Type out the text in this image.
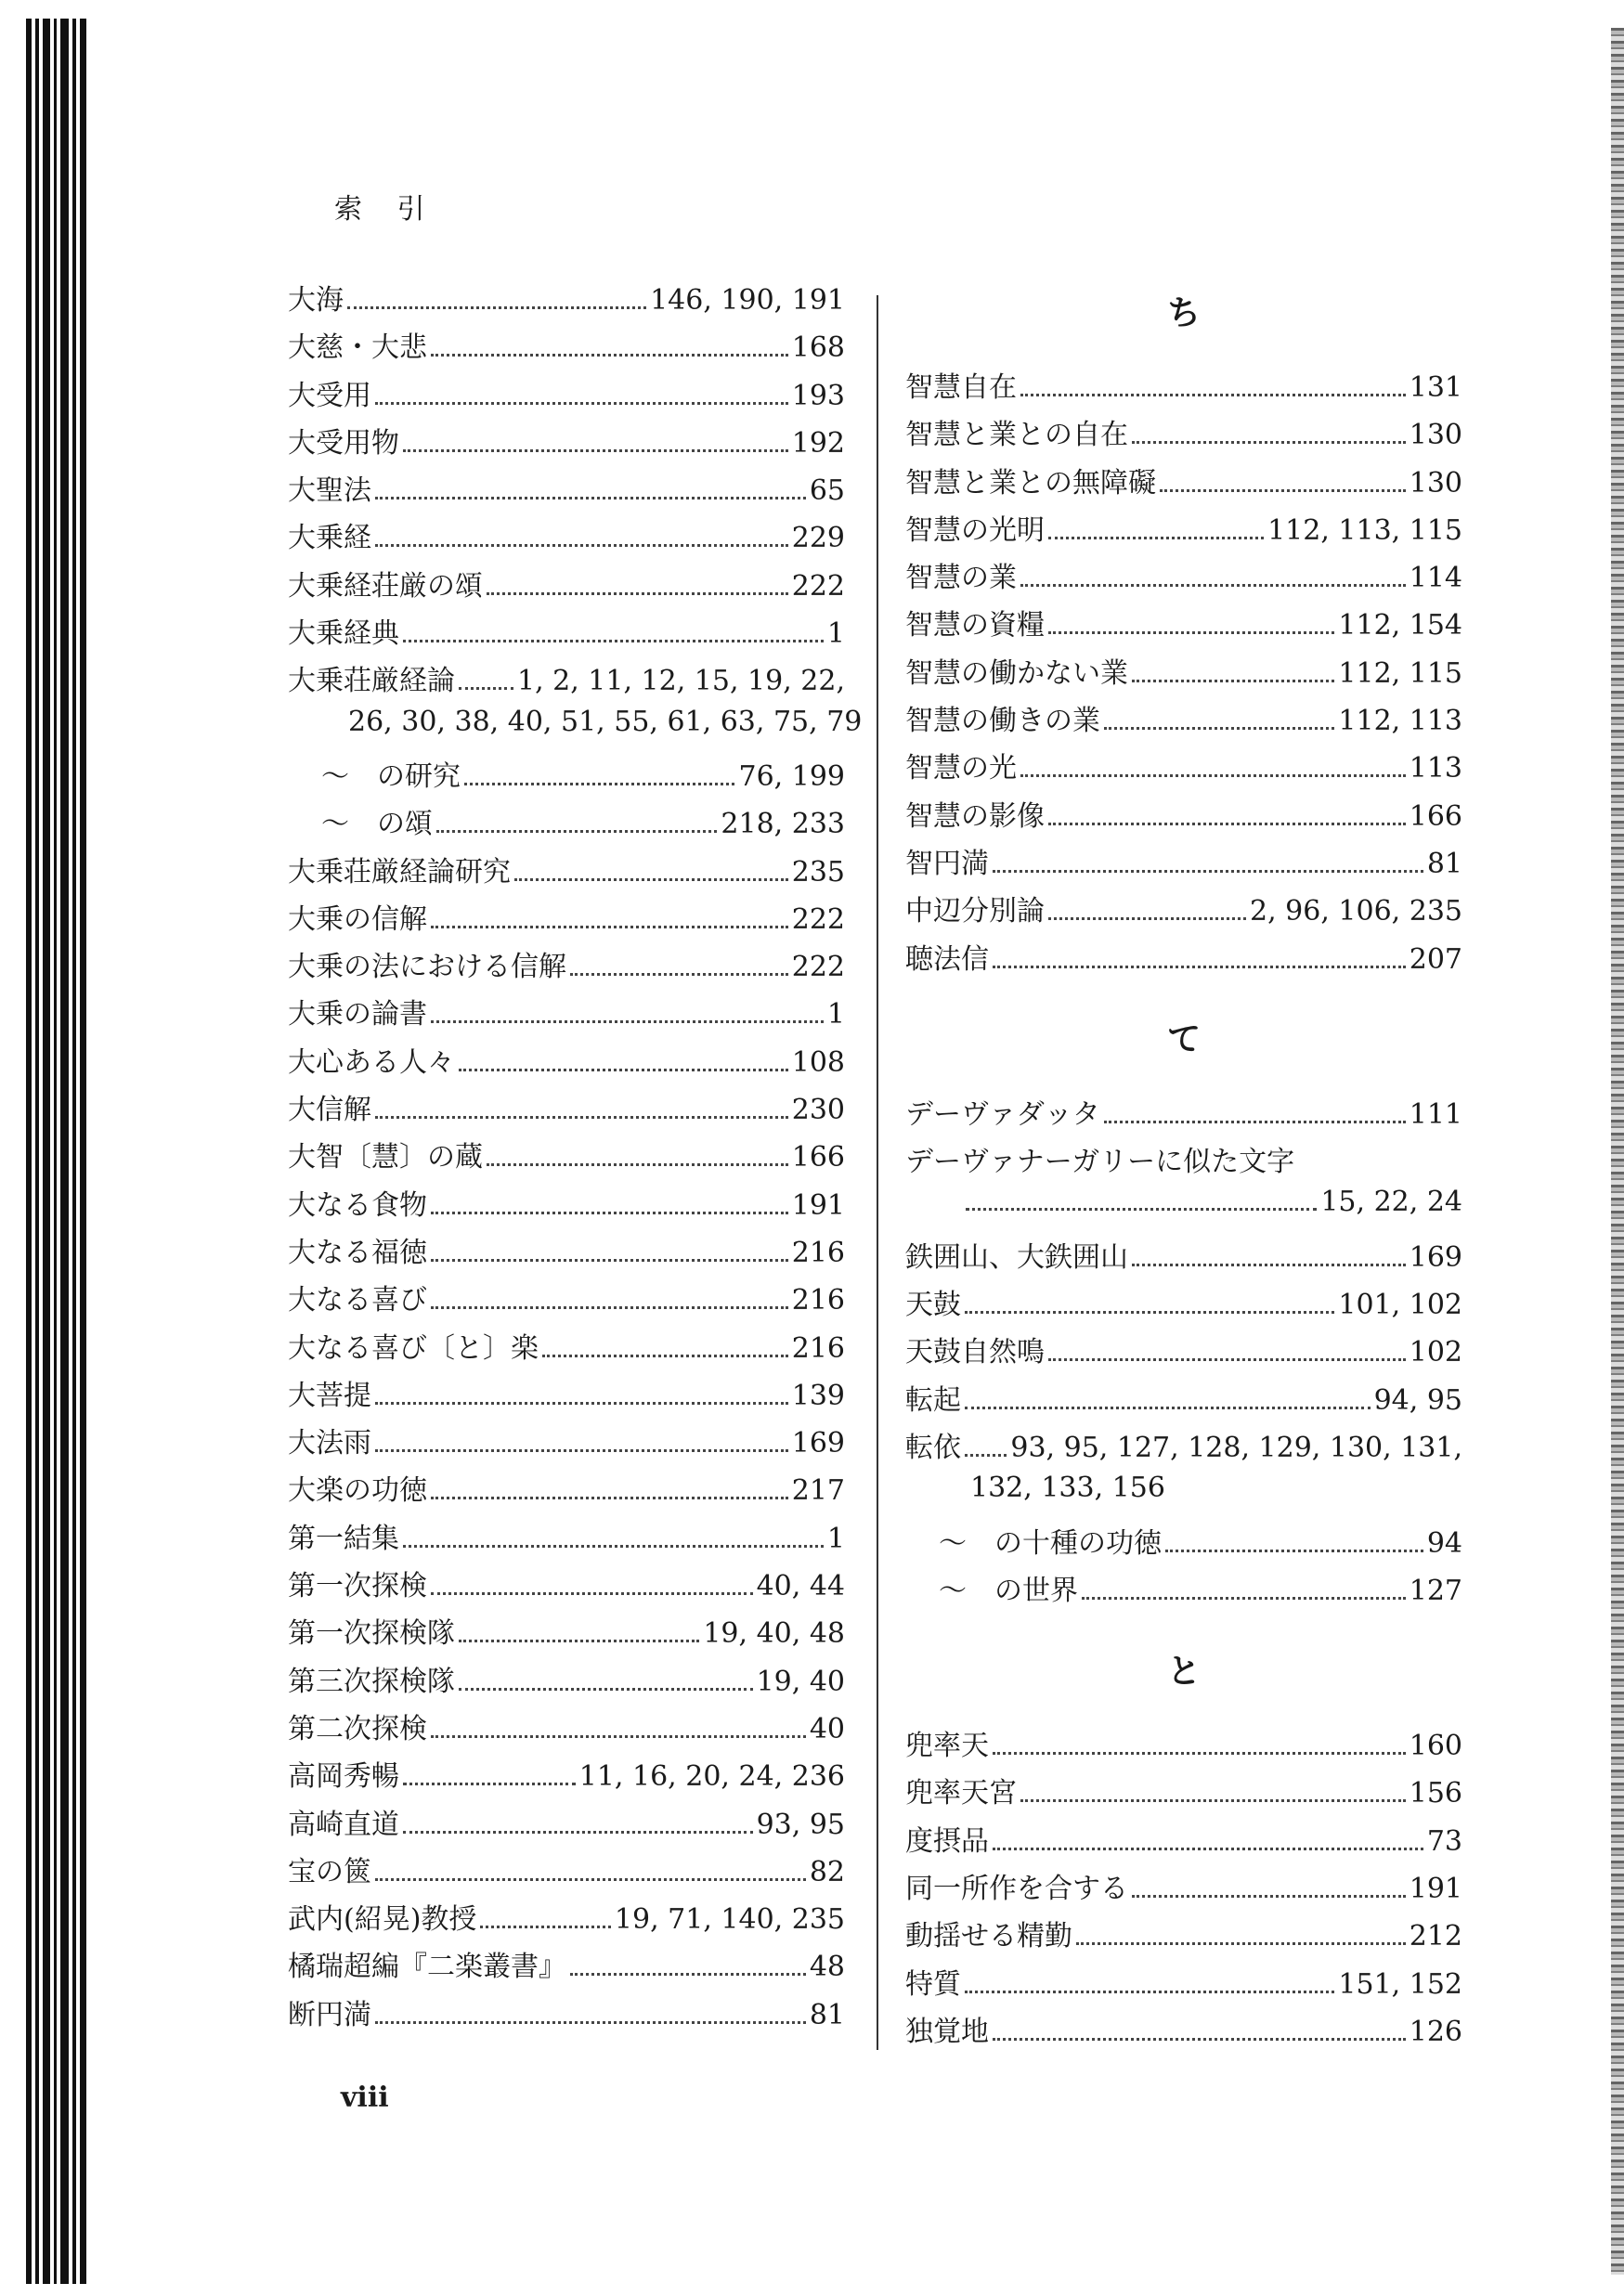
索 引
大海	146, 190, 191
大慈・大悲	168
大受用	193
大受用物	192
大聖法	65
大乗経	229
大乗経荘厳の頌	222
大乗経典	1
大乗荘厳経論 1, 2, 11, 12, 15, 19, 22,
26, 30, 38, 40, 51, 55, 61, 63, 75, 79
〜　の研究	76, 199
〜　の頌	218, 233
大乗荘厳経論研究	235
大乗の信解	222
大乗の法における信解	222
大乗の論書	1
大心ある人々	108
大信解	230
大智〔慧〕の蔵	166
大なる食物	191
大なる福徳	216
大なる喜び	216
大なる喜び〔と〕楽	216
大菩提	139
大法雨	169
大楽の功徳	217
第一結集	1
第一次探検	40, 44
第一次探検隊	19, 40, 48
第三次探検隊	19, 40
第二次探検	40
高岡秀暢	11, 16, 20, 24, 236
高崎直道	93, 95
宝の篋	82
武内(紹晃)教授	19, 71, 140, 235
橘瑞超編『二楽叢書』	48
断円満	81
ち
智慧自在	131
智慧と業との自在	130
智慧と業との無障礙	130
智慧の光明	112, 113, 115
智慧の業	114
智慧の資糧	112, 154
智慧の働かない業	112, 115
智慧の働きの業	112, 113
智慧の光	113
智慧の影像	166
智円満	81
中辺分別論	2, 96, 106, 235
聴法信	207
て
デーヴァダッタ	111
デーヴァナーガリーに似た文字
15, 22, 24
鉄囲山、大鉄囲山	169
天鼓	101, 102
天鼓自然鳴	102
転起	94, 95
転依 93, 95, 127, 128, 129, 130, 131,
132, 133, 156
〜　の十種の功徳	94
〜　の世界	127
と
兜率天	160
兜率天宮	156
度摂品	73
同一所作を合する	191
動揺せる精勤	212
特質	151, 152
独覚地	126
viii
